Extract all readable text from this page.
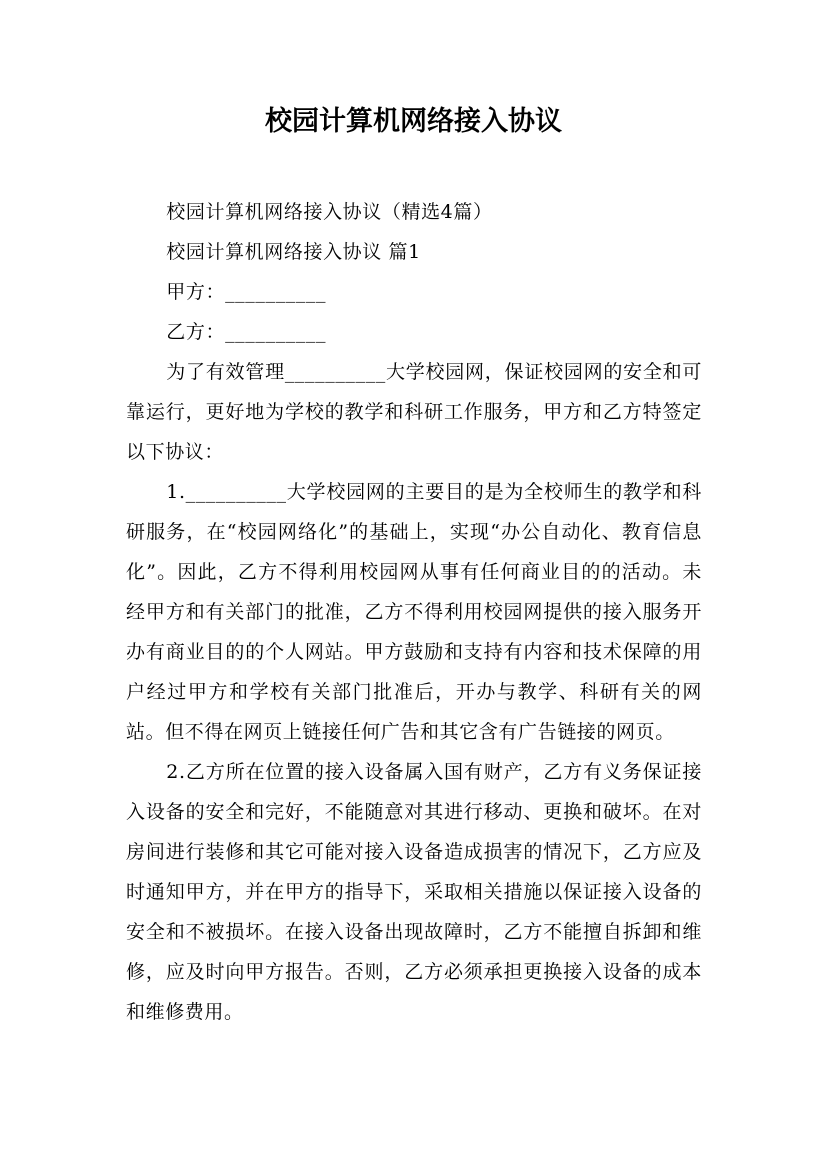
校园计算机网络接入协议

校园计算机网络接入协议（精选4篇）

校园计算机网络接入协议 篇1

甲方：__________

乙方：__________

为了有效管理__________大学校园网，保证校园网的安全和可靠运行，更好地为学校的教学和科研工作服务，甲方和乙方特签定以下协议：

1.__________大学校园网的主要目的是为全校师生的教学和科研服务，在“校园网络化”的基础上，实现“办公自动化、教育信息化”。因此，乙方不得利用校园网从事有任何商业目的的活动。未经甲方和有关部门的批准，乙方不得利用校园网提供的接入服务开办有商业目的的个人网站。甲方鼓励和支持有内容和技术保障的用户经过甲方和学校有关部门批准后，开办与教学、科研有关的网站。但不得在网页上链接任何广告和其它含有广告链接的网页。

2.乙方所在位置的接入设备属入国有财产，乙方有义务保证接入设备的安全和完好，不能随意对其进行移动、更换和破坏。在对房间进行装修和其它可能对接入设备造成损害的情况下，乙方应及时通知甲方，并在甲方的指导下，采取相关措施以保证接入设备的安全和不被损坏。在接入设备出现故障时，乙方不能擅自拆卸和维修，应及时向甲方报告。否则，乙方必须承担更换接入设备的成本和维修费用。
